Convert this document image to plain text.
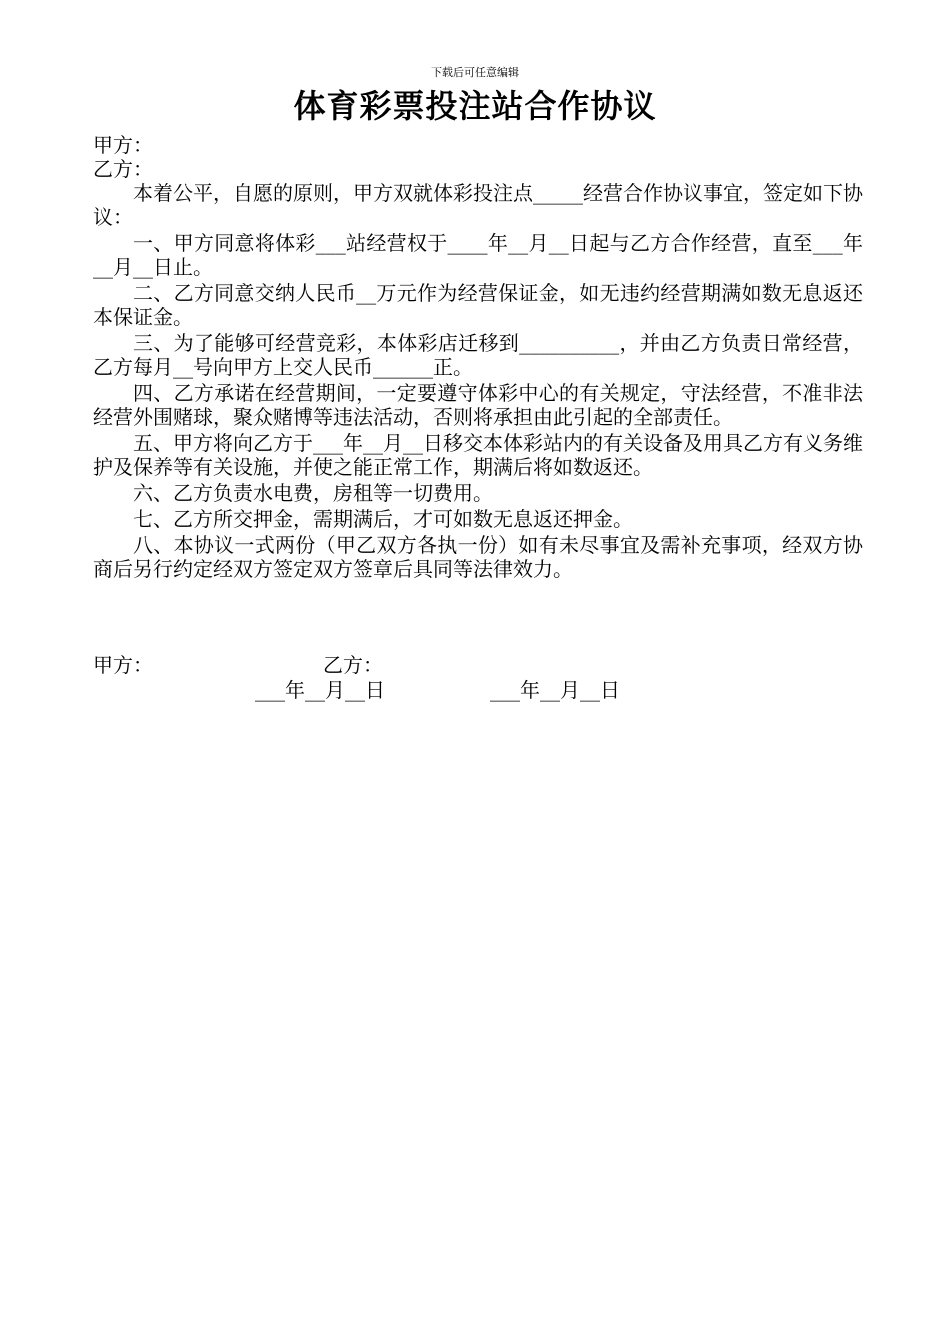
下载后可任意编辑
体育彩票投注站合作协议
甲方：
乙方：

本着公平，自愿的原则，甲方双就体彩投注点_____经营合作协议事宜，签定如下协议：

一、甲方同意将体彩___站经营权于____年__月__日起与乙方合作经营，直至___年__月__日止。

二、乙方同意交纳人民币__万元作为经营保证金，如无违约经营期满如数无息返还本保证金。

三、为了能够可经营竞彩，本体彩店迁移到__________，并由乙方负责日常经营，乙方每月__号向甲方上交人民币______正。

四、乙方承诺在经营期间，一定要遵守体彩中心的有关规定，守法经营，不准非法经营外围赌球，聚众赌博等违法活动，否则将承担由此引起的全部责任。

五、甲方将向乙方于___年__月__日移交本体彩站内的有关设备及用具乙方有义务维护及保养等有关设施，并使之能正常工作，期满后将如数返还。

六、乙方负责水电费，房租等一切费用。

七、乙方所交押金，需期满后，才可如数无息返还押金。

八、本协议一式两份（甲乙双方各执一份）如有未尽事宜及需补充事项，经双方协商后另行约定经双方签定双方签章后具同等法律效力。

甲方：	乙方：
___年__月__日	___年__月__日
